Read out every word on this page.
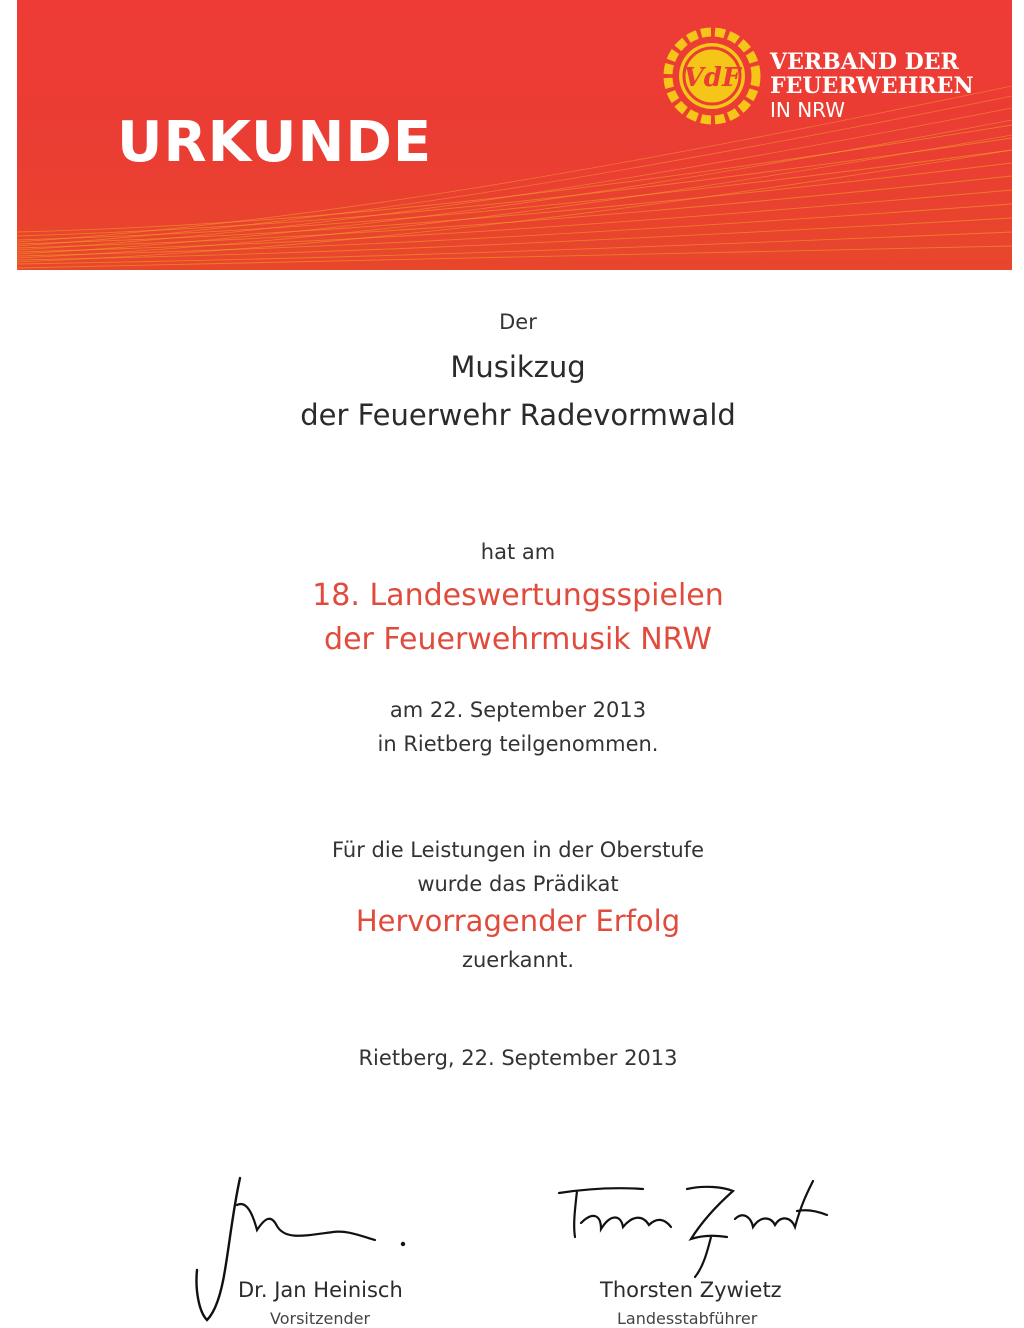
URKUNDE
VdF
VERBAND DER
FEUERWEHREN
IN NRW
Der
Musikzug
der Feuerwehr Radevormwald
hat am
18. Landeswertungsspielen
der Feuerwehrmusik NRW
am 22. September 2013
in Rietberg teilgenommen.
Für die Leistungen in der Oberstufe
wurde das Prädikat
Hervorragender Erfolg
zuerkannt.
Rietberg, 22. September 2013
Dr. Jan Heinisch
Vorsitzender
Thorsten Zywietz
Landesstabführer
